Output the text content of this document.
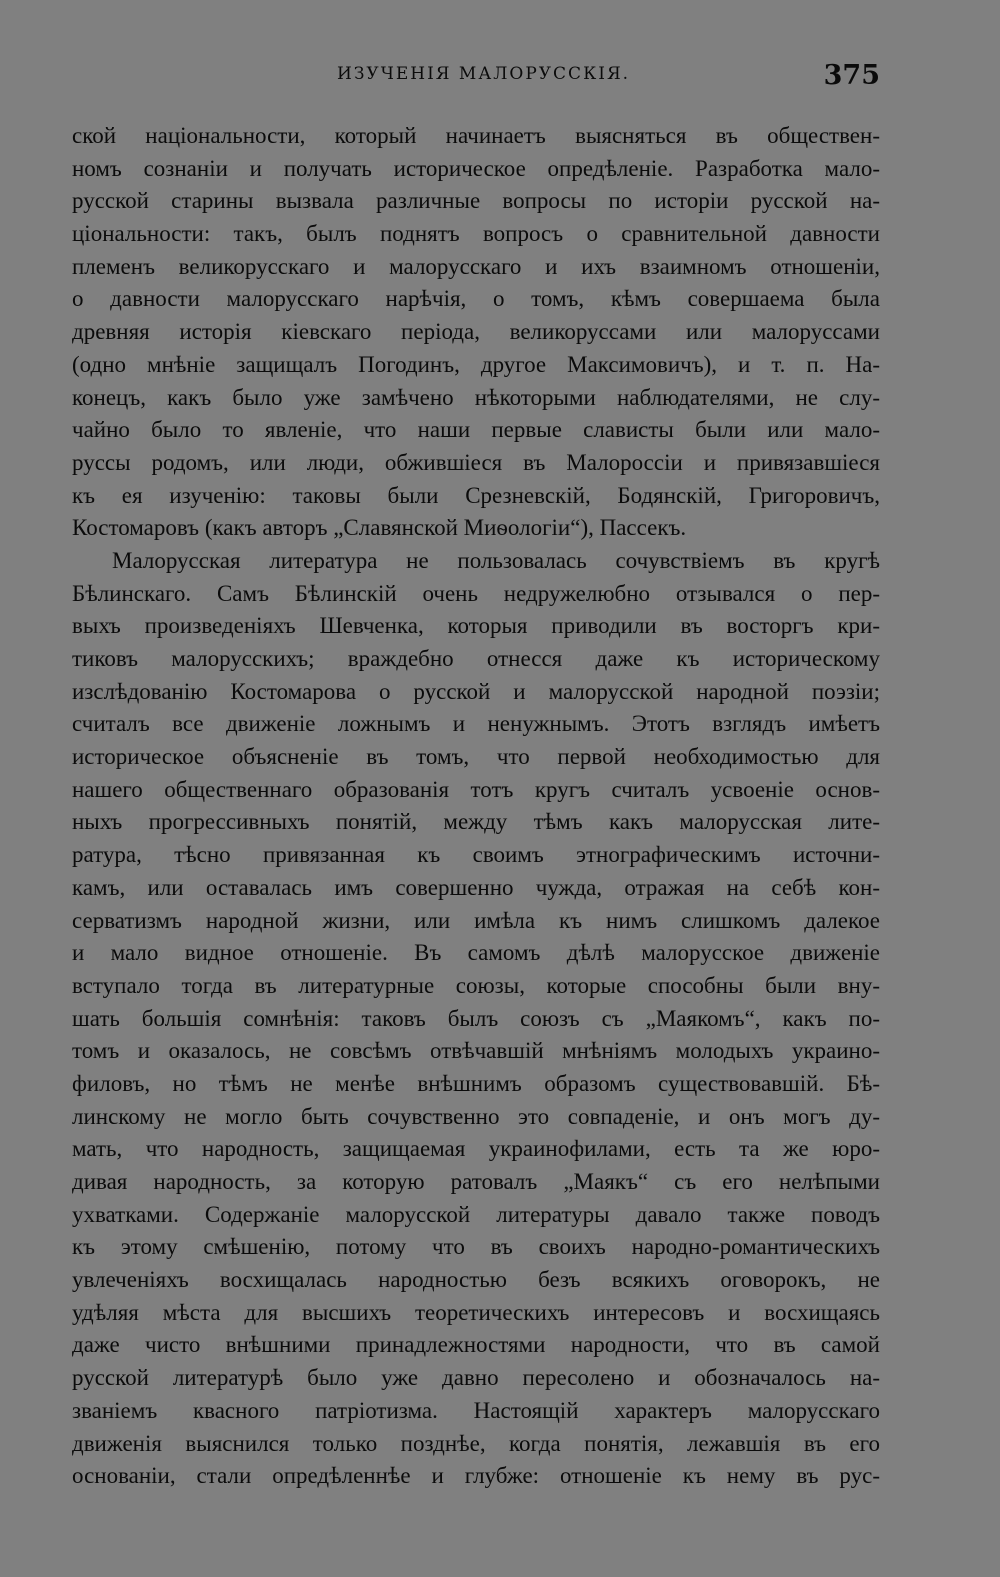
ИЗУЧЕНІЯ МАЛОРУССКІЯ.	375
ской національности, который начинаетъ выясняться въ обществен-
номъ сознаніи и получать историческое опредѣленіе. Разработка мало-
русской старины вызвала различные вопросы по исторіи русской на-
ціональности: такъ, былъ поднятъ вопросъ о сравнительной давности
племенъ великорусскаго и малорусскаго и ихъ взаимномъ отношеніи,
о давности малорусскаго нарѣчія, о томъ, кѣмъ совершаема была
древняя исторія кіевскаго періода, великоруссами или малоруссами
(одно мнѣніе защищалъ Погодинъ, другое Максимовичъ), и т. п. На-
конецъ, какъ было уже замѣчено нѣкоторыми наблюдателями, не слу-
чайно было то явленіе, что наши первые слависты были или мало-
руссы родомъ, или люди, обжившіеся въ Малороссіи и привязавшіеся
къ ея изученію: таковы были Срезневскій, Бодянскій, Григоровичъ,
Костомаровъ (какъ авторъ „Славянской Миѳологіи“), Пассекъ.
Малорусская литература не пользовалась сочувствіемъ въ кругѣ
Бѣлинскаго. Самъ Бѣлинскій очень недружелюбно отзывался о пер-
выхъ произведеніяхъ Шевченка, которыя приводили въ восторгъ кри-
тиковъ малорусскихъ; враждебно отнесся даже къ историческому
изслѣдованію Костомарова о русской и малорусской народной поэзіи;
считалъ все движеніе ложнымъ и ненужнымъ. Этотъ взглядъ имѣетъ
историческое объясненіе въ томъ, что первой необходимостью для
нашего общественнаго образованія тотъ кругъ считалъ усвоеніе основ-
ныхъ прогрессивныхъ понятій, между тѣмъ какъ малорусская лите-
ратура, тѣсно привязанная къ своимъ этнографическимъ источни-
камъ, или оставалась имъ совершенно чужда, отражая на себѣ кон-
серватизмъ народной жизни, или имѣла къ нимъ слишкомъ далекое
и мало видное отношеніе. Въ самомъ дѣлѣ малорусское движеніе
вступало тогда въ литературные союзы, которые способны были вну-
шать большія сомнѣнія: таковъ былъ союзъ съ „Маякомъ“, какъ по-
томъ и оказалось, не совсѣмъ отвѣчавшій мнѣніямъ молодыхъ украино-
филовъ, но тѣмъ не менѣе внѣшнимъ образомъ существовавшій. Бѣ-
линскому не могло быть сочувственно это совпаденіе, и онъ могъ ду-
мать, что народность, защищаемая украинофилами, есть та же юро-
дивая народность, за которую ратовалъ „Маякъ“ съ его нелѣпыми
ухватками. Содержаніе малорусской литературы давало также поводъ
къ этому смѣшенію, потому что въ своихъ народно-романтическихъ
увлеченіяхъ восхищалась народностью безъ всякихъ оговорокъ, не
удѣляя мѣста для высшихъ теоретическихъ интересовъ и восхищаясь
даже чисто внѣшними принадлежностями народности, что въ самой
русской литературѣ было уже давно пересолено и обозначалось на-
званіемъ квасного патріотизма. Настоящій характеръ малорусскаго
движенія выяснился только позднѣе, когда понятія, лежавшія въ его
основаніи, стали опредѣленнѣе и глубже: отношеніе къ нему въ рус-
